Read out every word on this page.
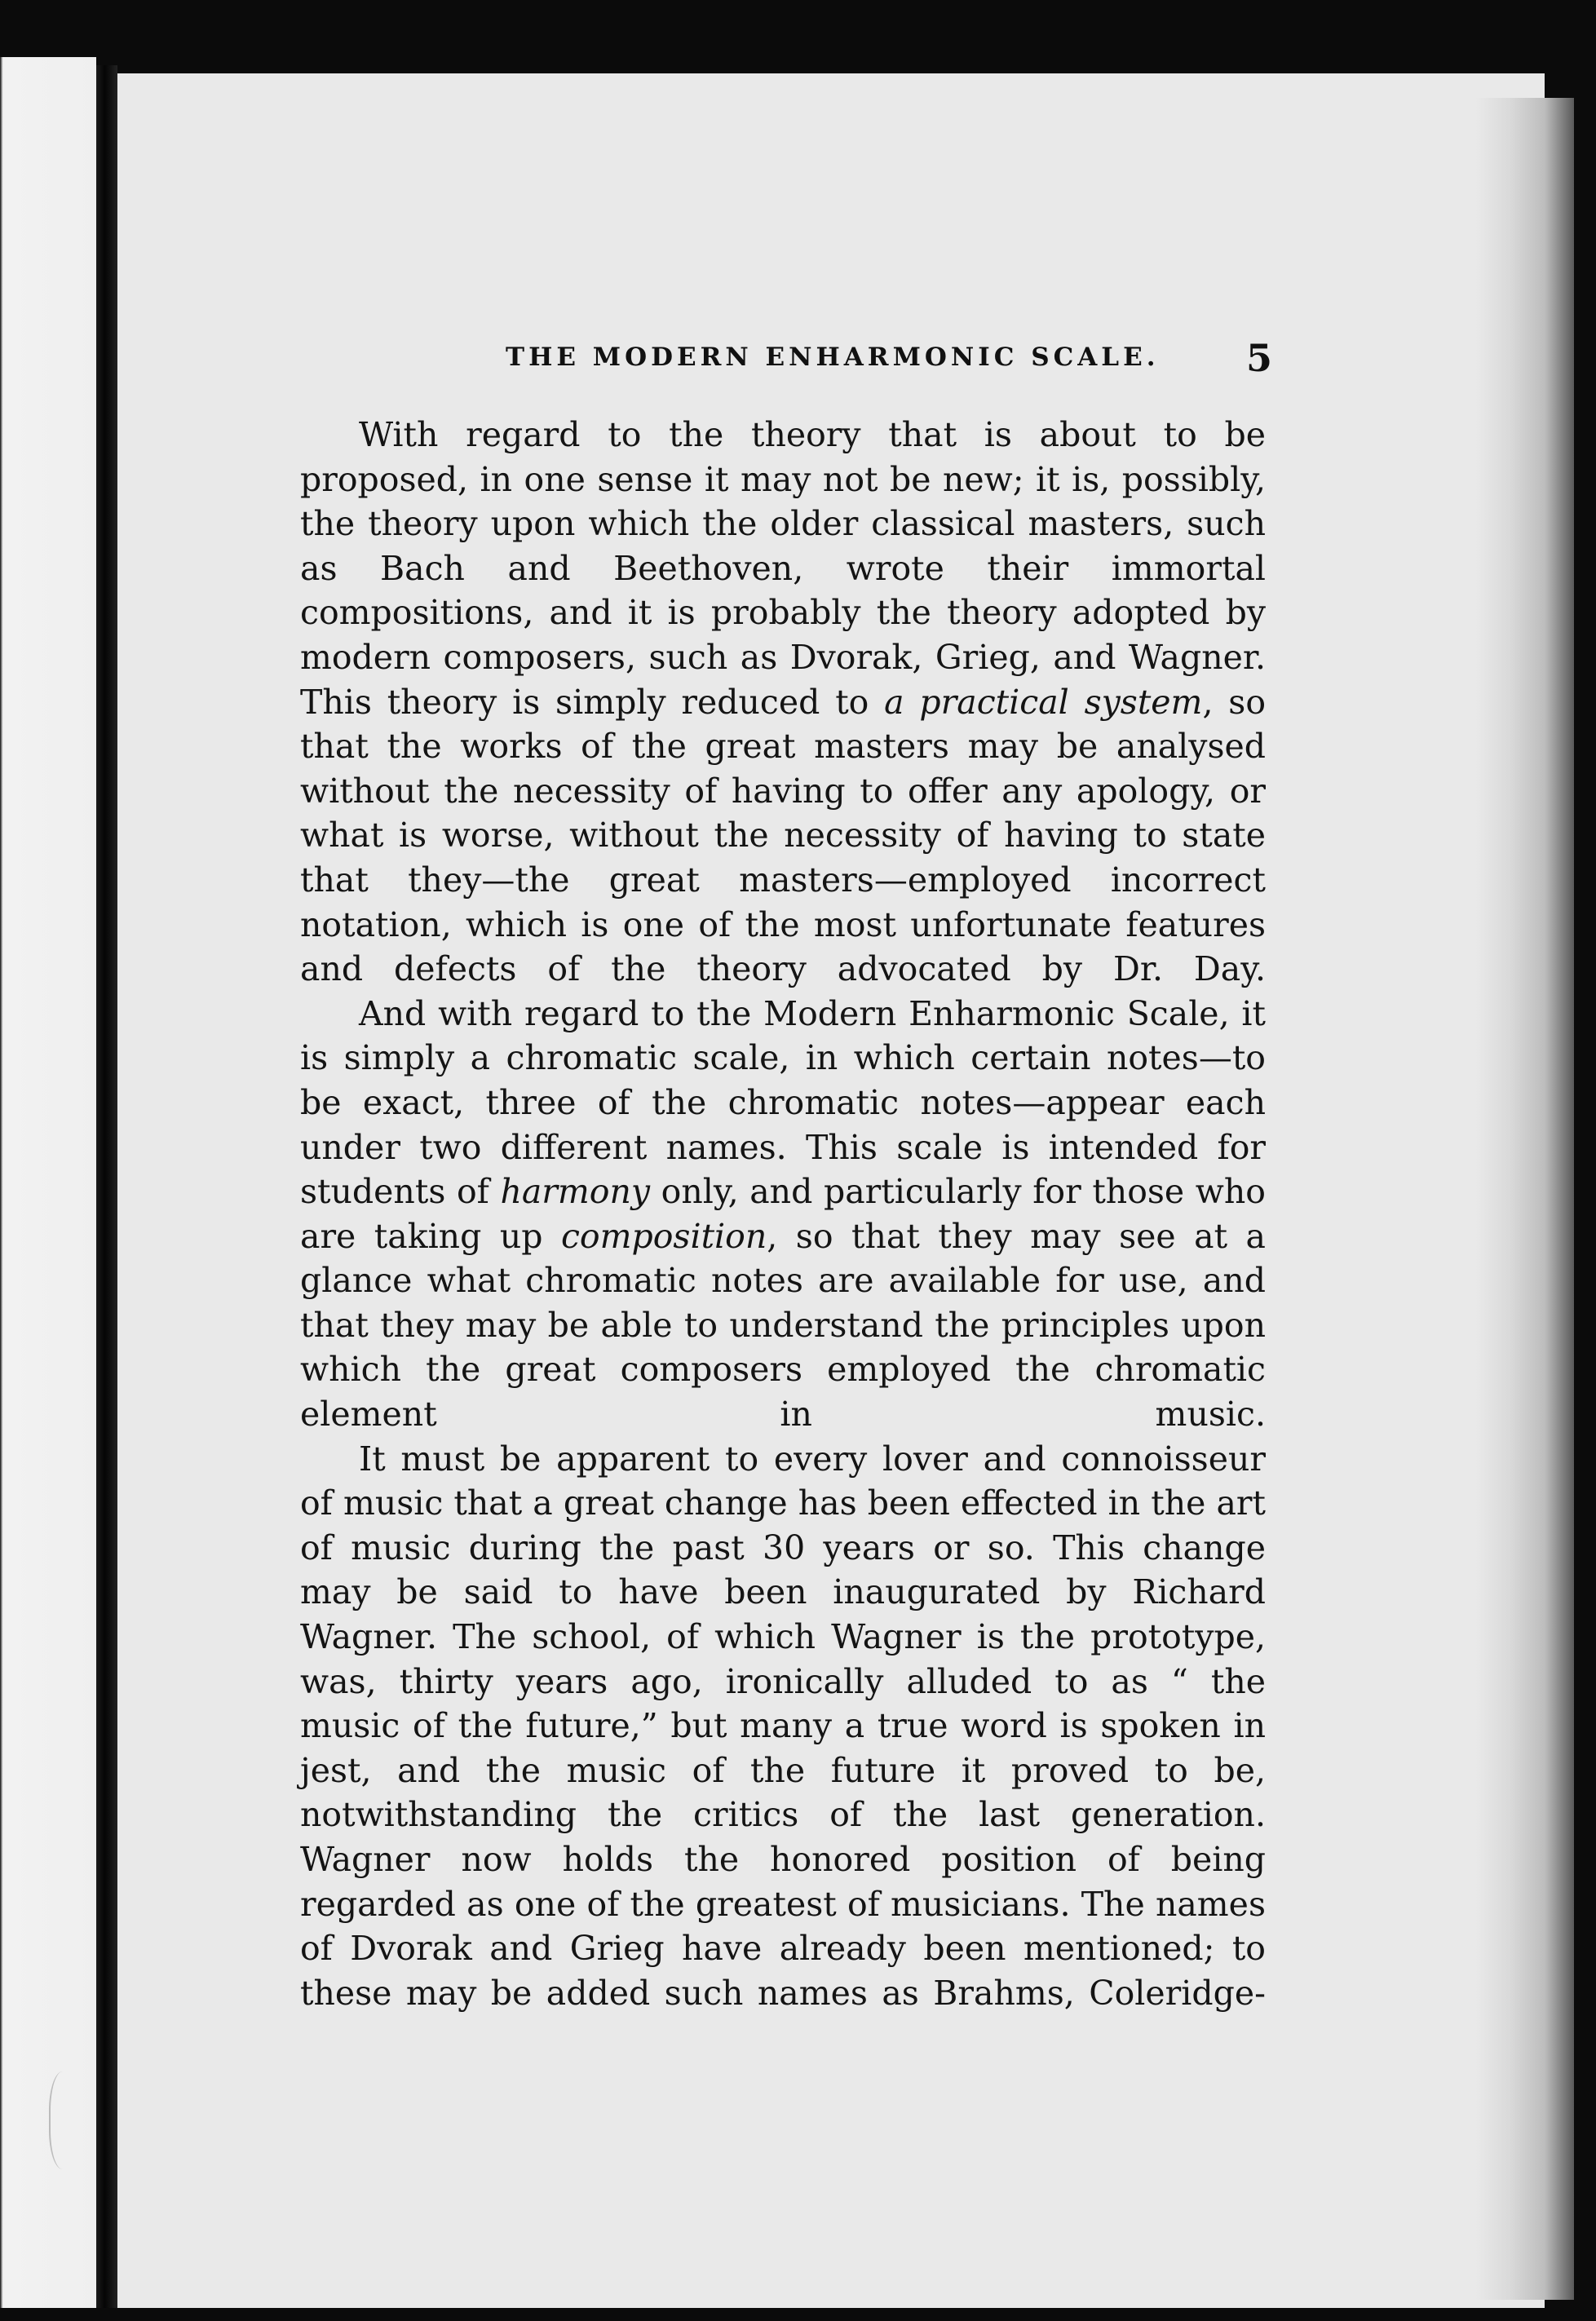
THE MODERN ENHARMONIC SCALE.	5

With regard to the theory that is about to be proposed, in one sense it may not be new; it is, possibly, the theory upon which the older classical masters, such as Bach and Beethoven, wrote their immortal compositions, and it is probably the theory adopted by modern composers, such as Dvorak, Grieg, and Wagner. This theory is simply reduced to a practical system, so that the works of the great masters may be analysed without the necessity of having to offer any apology, or what is worse, without the necessity of having to state that they—the great masters—employed incorrect notation, which is one of the most unfortunate features and defects of the theory advocated by Dr. Day.

And with regard to the Modern Enharmonic Scale, it is simply a chromatic scale, in which certain notes—to be exact, three of the chromatic notes—appear each under two different names. This scale is intended for students of harmony only, and particularly for those who are taking up composition, so that they may see at a glance what chromatic notes are available for use, and that they may be able to understand the principles upon which the great composers employed the chromatic element in music.

It must be apparent to every lover and connoisseur of music that a great change has been effected in the art of music during the past 30 years or so. This change may be said to have been inaugurated by Richard Wagner. The school, of which Wagner is the prototype, was, thirty years ago, ironically alluded to as “ the music of the future,” but many a true word is spoken in jest, and the music of the future it proved to be, notwithstanding the critics of the last generation. Wagner now holds the honored position of being regarded as one of the greatest of musicians. The names of Dvorak and Grieg have already been mentioned; to these may be added such names as Brahms, Coleridge-
